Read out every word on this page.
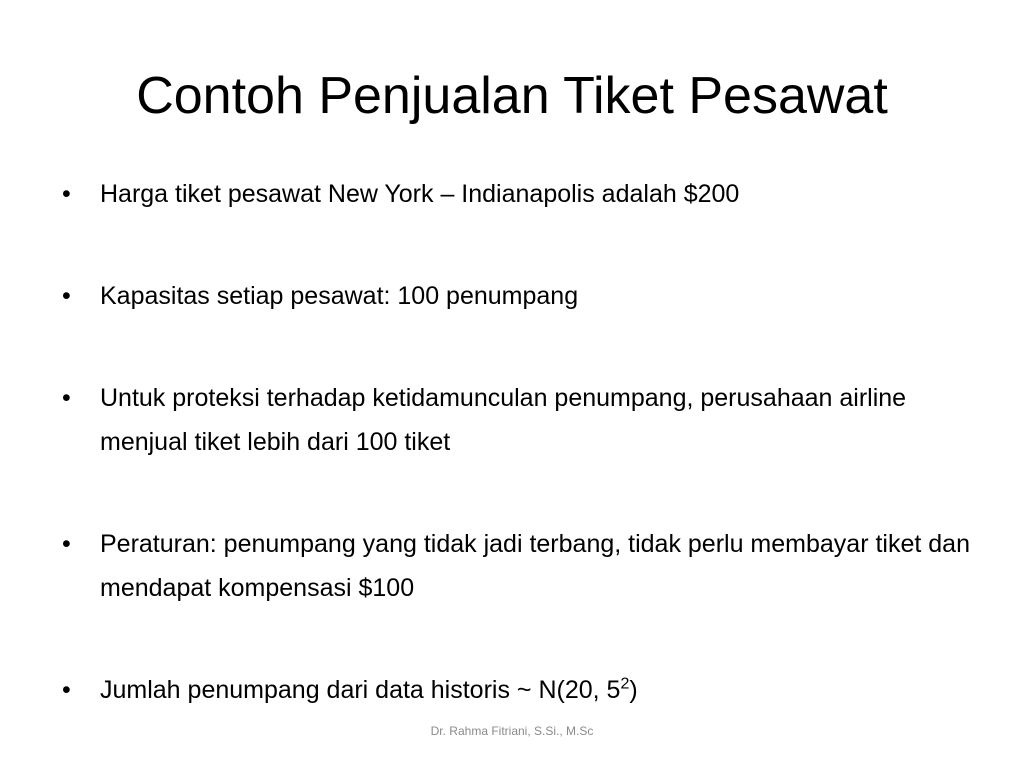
Contoh Penjualan Tiket Pesawat
• Harga tiket pesawat New York – Indianapolis adalah $200
• Kapasitas setiap pesawat: 100 penumpang
• Untuk proteksi terhadap ketidamunculan penumpang, perusahaan airline menjual tiket lebih dari 100 tiket
• Peraturan: penumpang yang tidak jadi terbang, tidak perlu membayar tiket dan mendapat kompensasi $100
• Jumlah penumpang dari data historis ~ N(20, $5^2$)
Dr. Rahma Fitriani, S.Si., M.Sc
